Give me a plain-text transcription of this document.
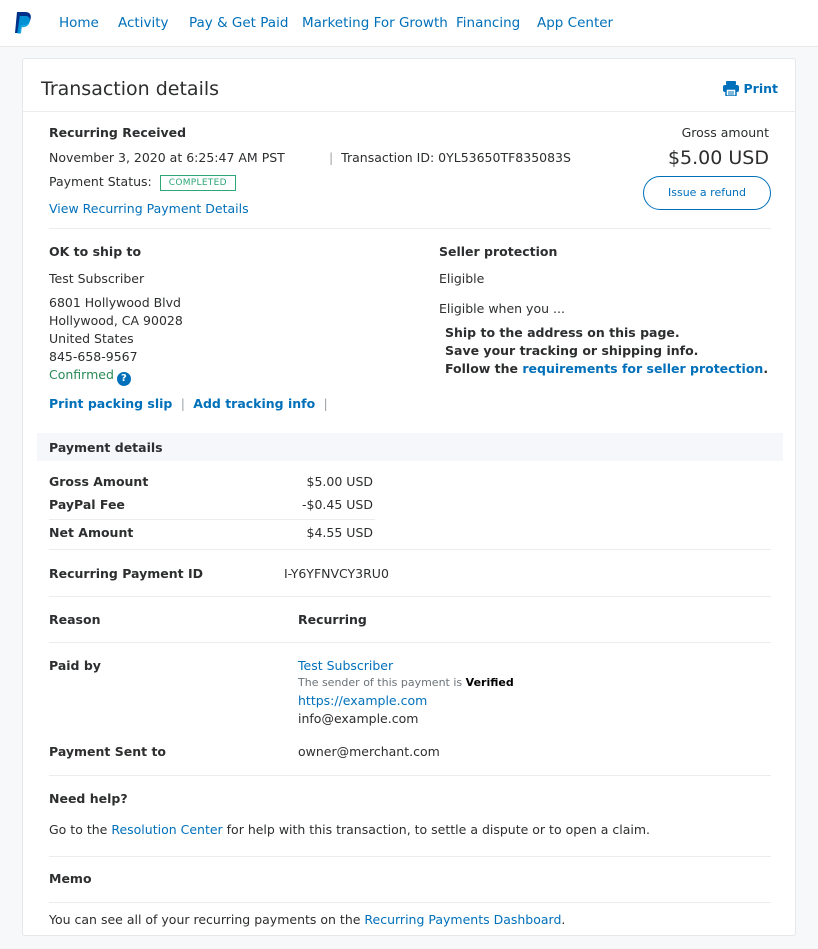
Home Activity Pay & Get Paid Marketing For Growth Financing App Center
Transaction details	Print
Recurring Received
November 3, 2020 at 6:25:47 AM PST	|  Transaction ID: 0YL53650TF835083S
Payment Status: COMPLETED
View Recurring Payment Details
Gross amount
$5.00 USD
Issue a refund
OK to ship to
Test Subscriber
6801 Hollywood Blvd
Hollywood, CA 90028
United States
845-658-9567
Confirmed ?
Print packing slip  |  Add tracking info  |
Seller protection
Eligible
Eligible when you ...
Ship to the address on this page.
Save your tracking or shipping info.
Follow the requirements for seller protection.
Payment details
Gross Amount	$5.00 USD
PayPal Fee	-$0.45 USD
Net Amount	$4.55 USD
Recurring Payment ID	I-Y6YFNVCY3RU0
Reason	Recurring
Paid by	Test Subscriber
The sender of this payment is Verified
https://example.com
info@example.com
Payment Sent to	owner@merchant.com
Need help?
Go to the Resolution Center for help with this transaction, to settle a dispute or to open a claim.
Memo
You can see all of your recurring payments on the Recurring Payments Dashboard.
